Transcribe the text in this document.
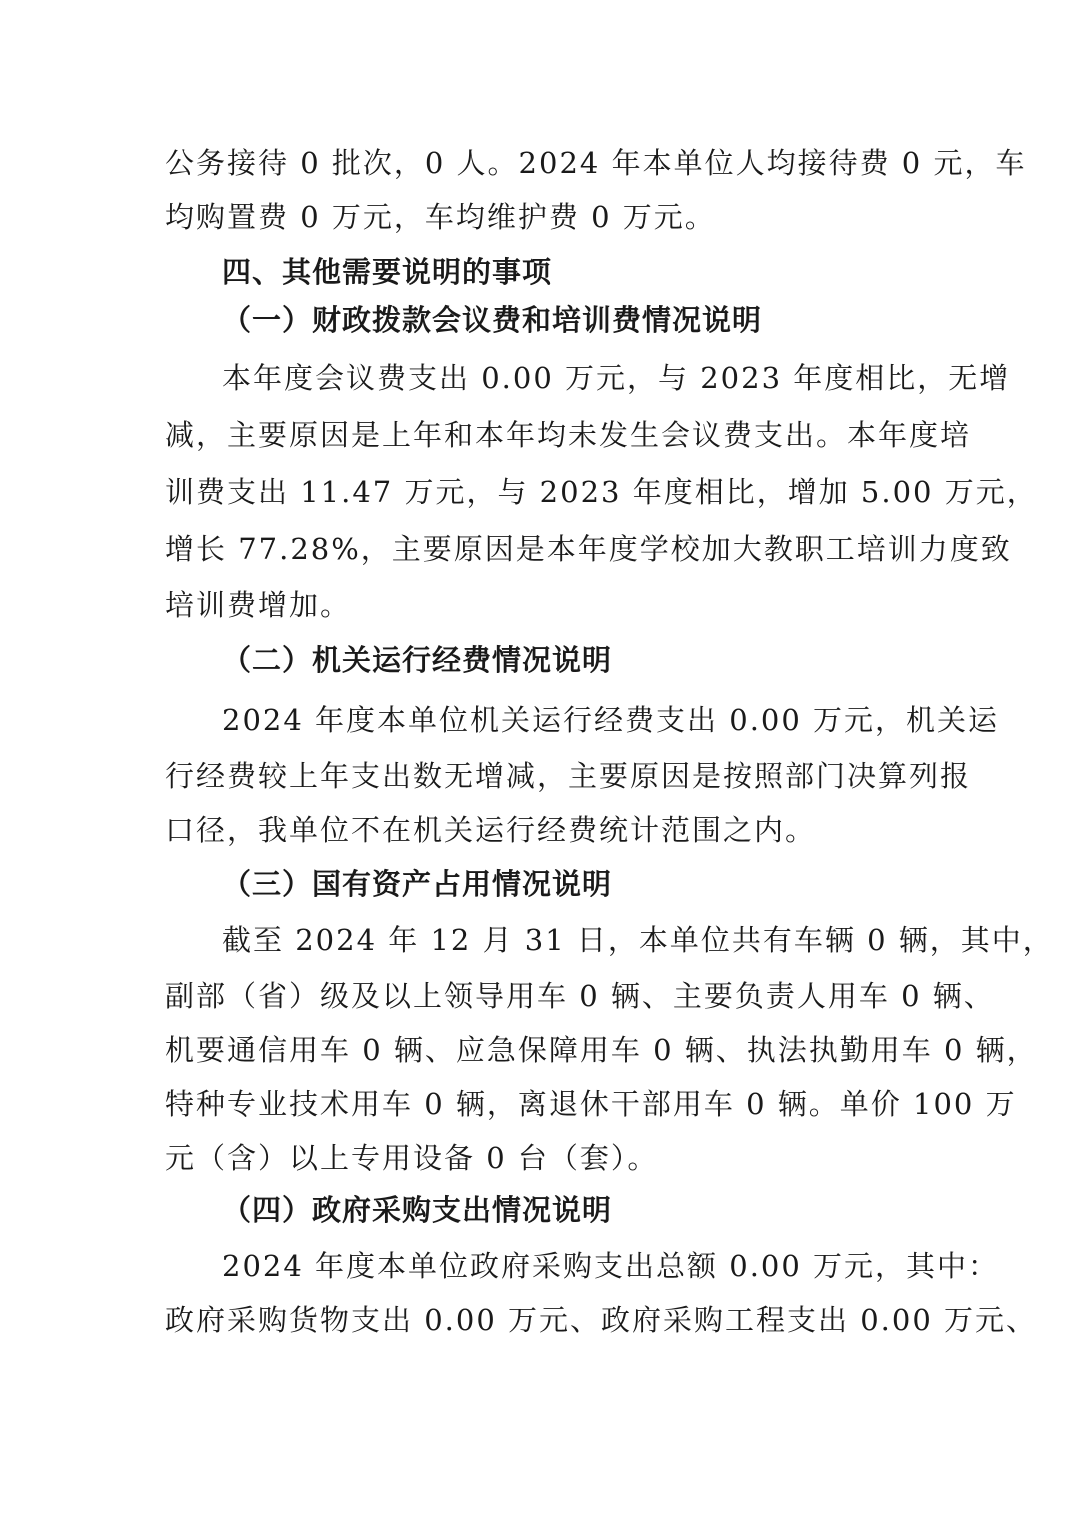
公务接待 0 批次，0 人。2024 年本单位人均接待费 0 元，车
均购置费 0 万元，车均维护费 0 万元。
四、其他需要说明的事项
（一）财政拨款会议费和培训费情况说明
本年度会议费支出 0.00 万元，与 2023 年度相比，无增
减，主要原因是上年和本年均未发生会议费支出。本年度培
训费支出 11.47 万元，与 2023 年度相比，增加 5.00 万元，
增长 77.28%，主要原因是本年度学校加大教职工培训力度致
培训费增加。
（二）机关运行经费情况说明
2024 年度本单位机关运行经费支出 0.00 万元，机关运
行经费较上年支出数无增减，主要原因是按照部门决算列报
口径，我单位不在机关运行经费统计范围之内。
（三）国有资产占用情况说明
截至 2024 年 12 月 31 日，本单位共有车辆 0 辆，其中，
副部（省）级及以上领导用车 0 辆、主要负责人用车 0 辆、
机要通信用车 0 辆、应急保障用车 0 辆、执法执勤用车 0 辆，
特种专业技术用车 0 辆，离退休干部用车 0 辆。单价 100 万
元（含）以上专用设备 0 台（套）。
（四）政府采购支出情况说明
2024 年度本单位政府采购支出总额 0.00 万元，其中：
政府采购货物支出 0.00 万元、政府采购工程支出 0.00 万元、
